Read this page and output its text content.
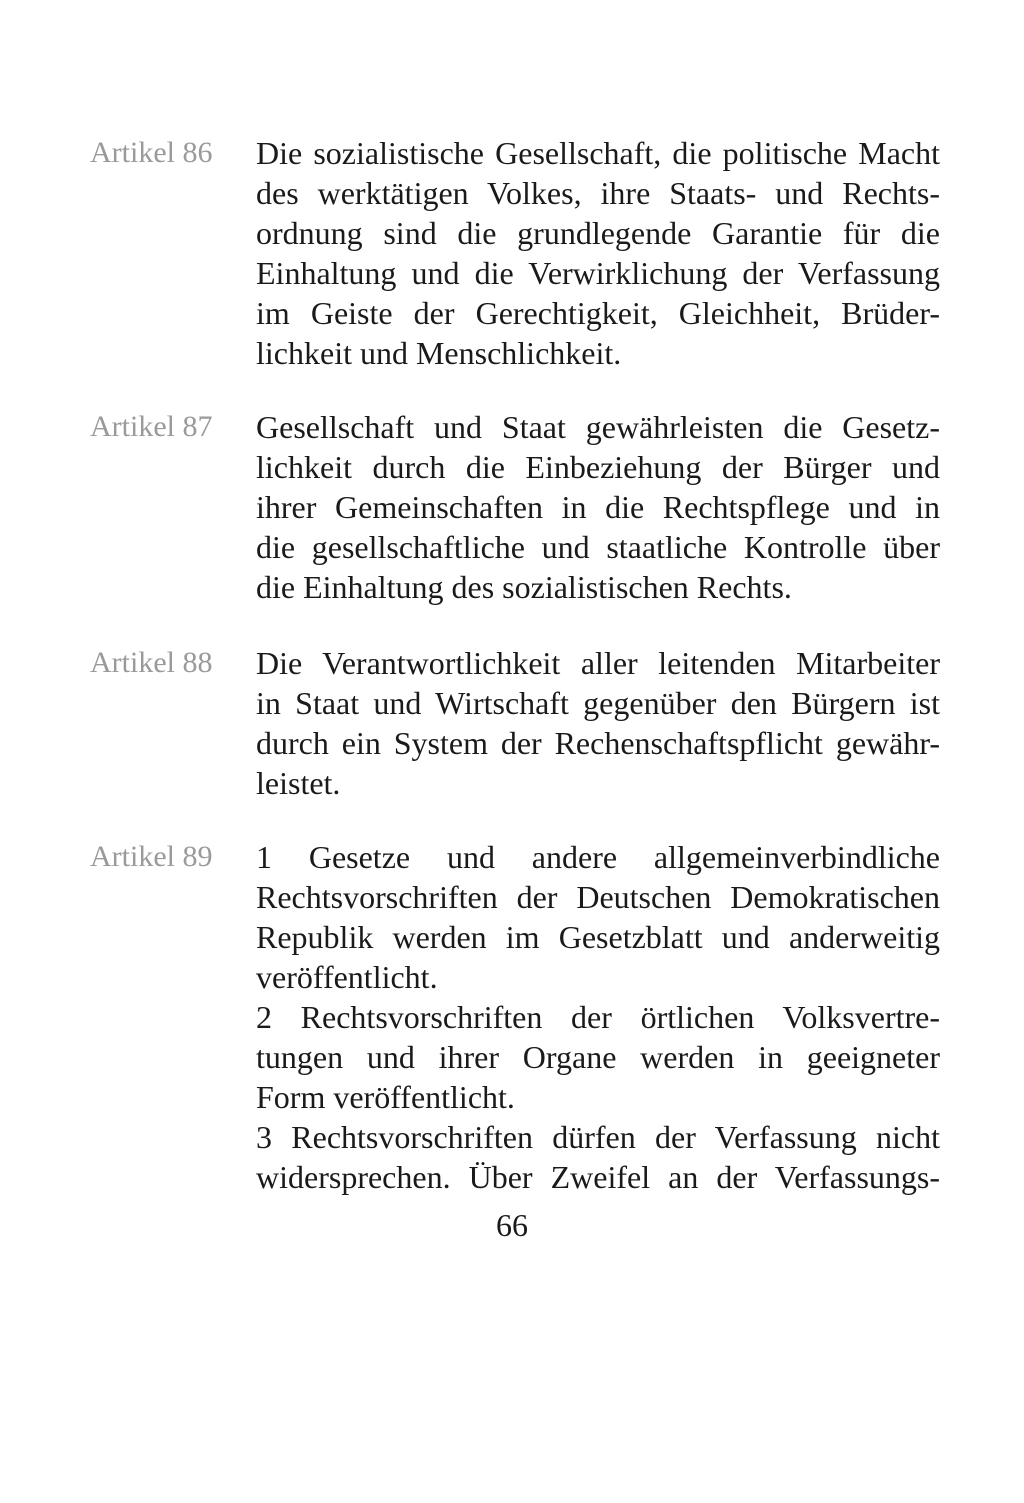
Artikel 86 Die sozialistische Gesellschaft, die politische Macht
des werktätigen Volkes, ihre Staats- und Rechts-
ordnung sind die grundlegende Garantie für die
Einhaltung und die Verwirklichung der Verfassung
im Geiste der Gerechtigkeit, Gleichheit, Brüder-
lichkeit und Menschlichkeit.
Artikel 87 Gesellschaft und Staat gewährleisten die Gesetz-
lichkeit durch die Einbeziehung der Bürger und
ihrer Gemeinschaften in die Rechtspflege und in
die gesellschaftliche und staatliche Kontrolle über
die Einhaltung des sozialistischen Rechts.
Artikel 88 Die Verantwortlichkeit aller leitenden Mitarbeiter
in Staat und Wirtschaft gegenüber den Bürgern ist
durch ein System der Rechenschaftspflicht gewähr-
leistet.
Artikel 89 1 Gesetze und andere allgemeinverbindliche
Rechtsvorschriften der Deutschen Demokratischen
Republik werden im Gesetzblatt und anderweitig
veröffentlicht.
2 Rechtsvorschriften der örtlichen Volksvertre-
tungen und ihrer Organe werden in geeigneter
Form veröffentlicht.
3 Rechtsvorschriften dürfen der Verfassung nicht
widersprechen. Über Zweifel an der Verfassungs-
66
